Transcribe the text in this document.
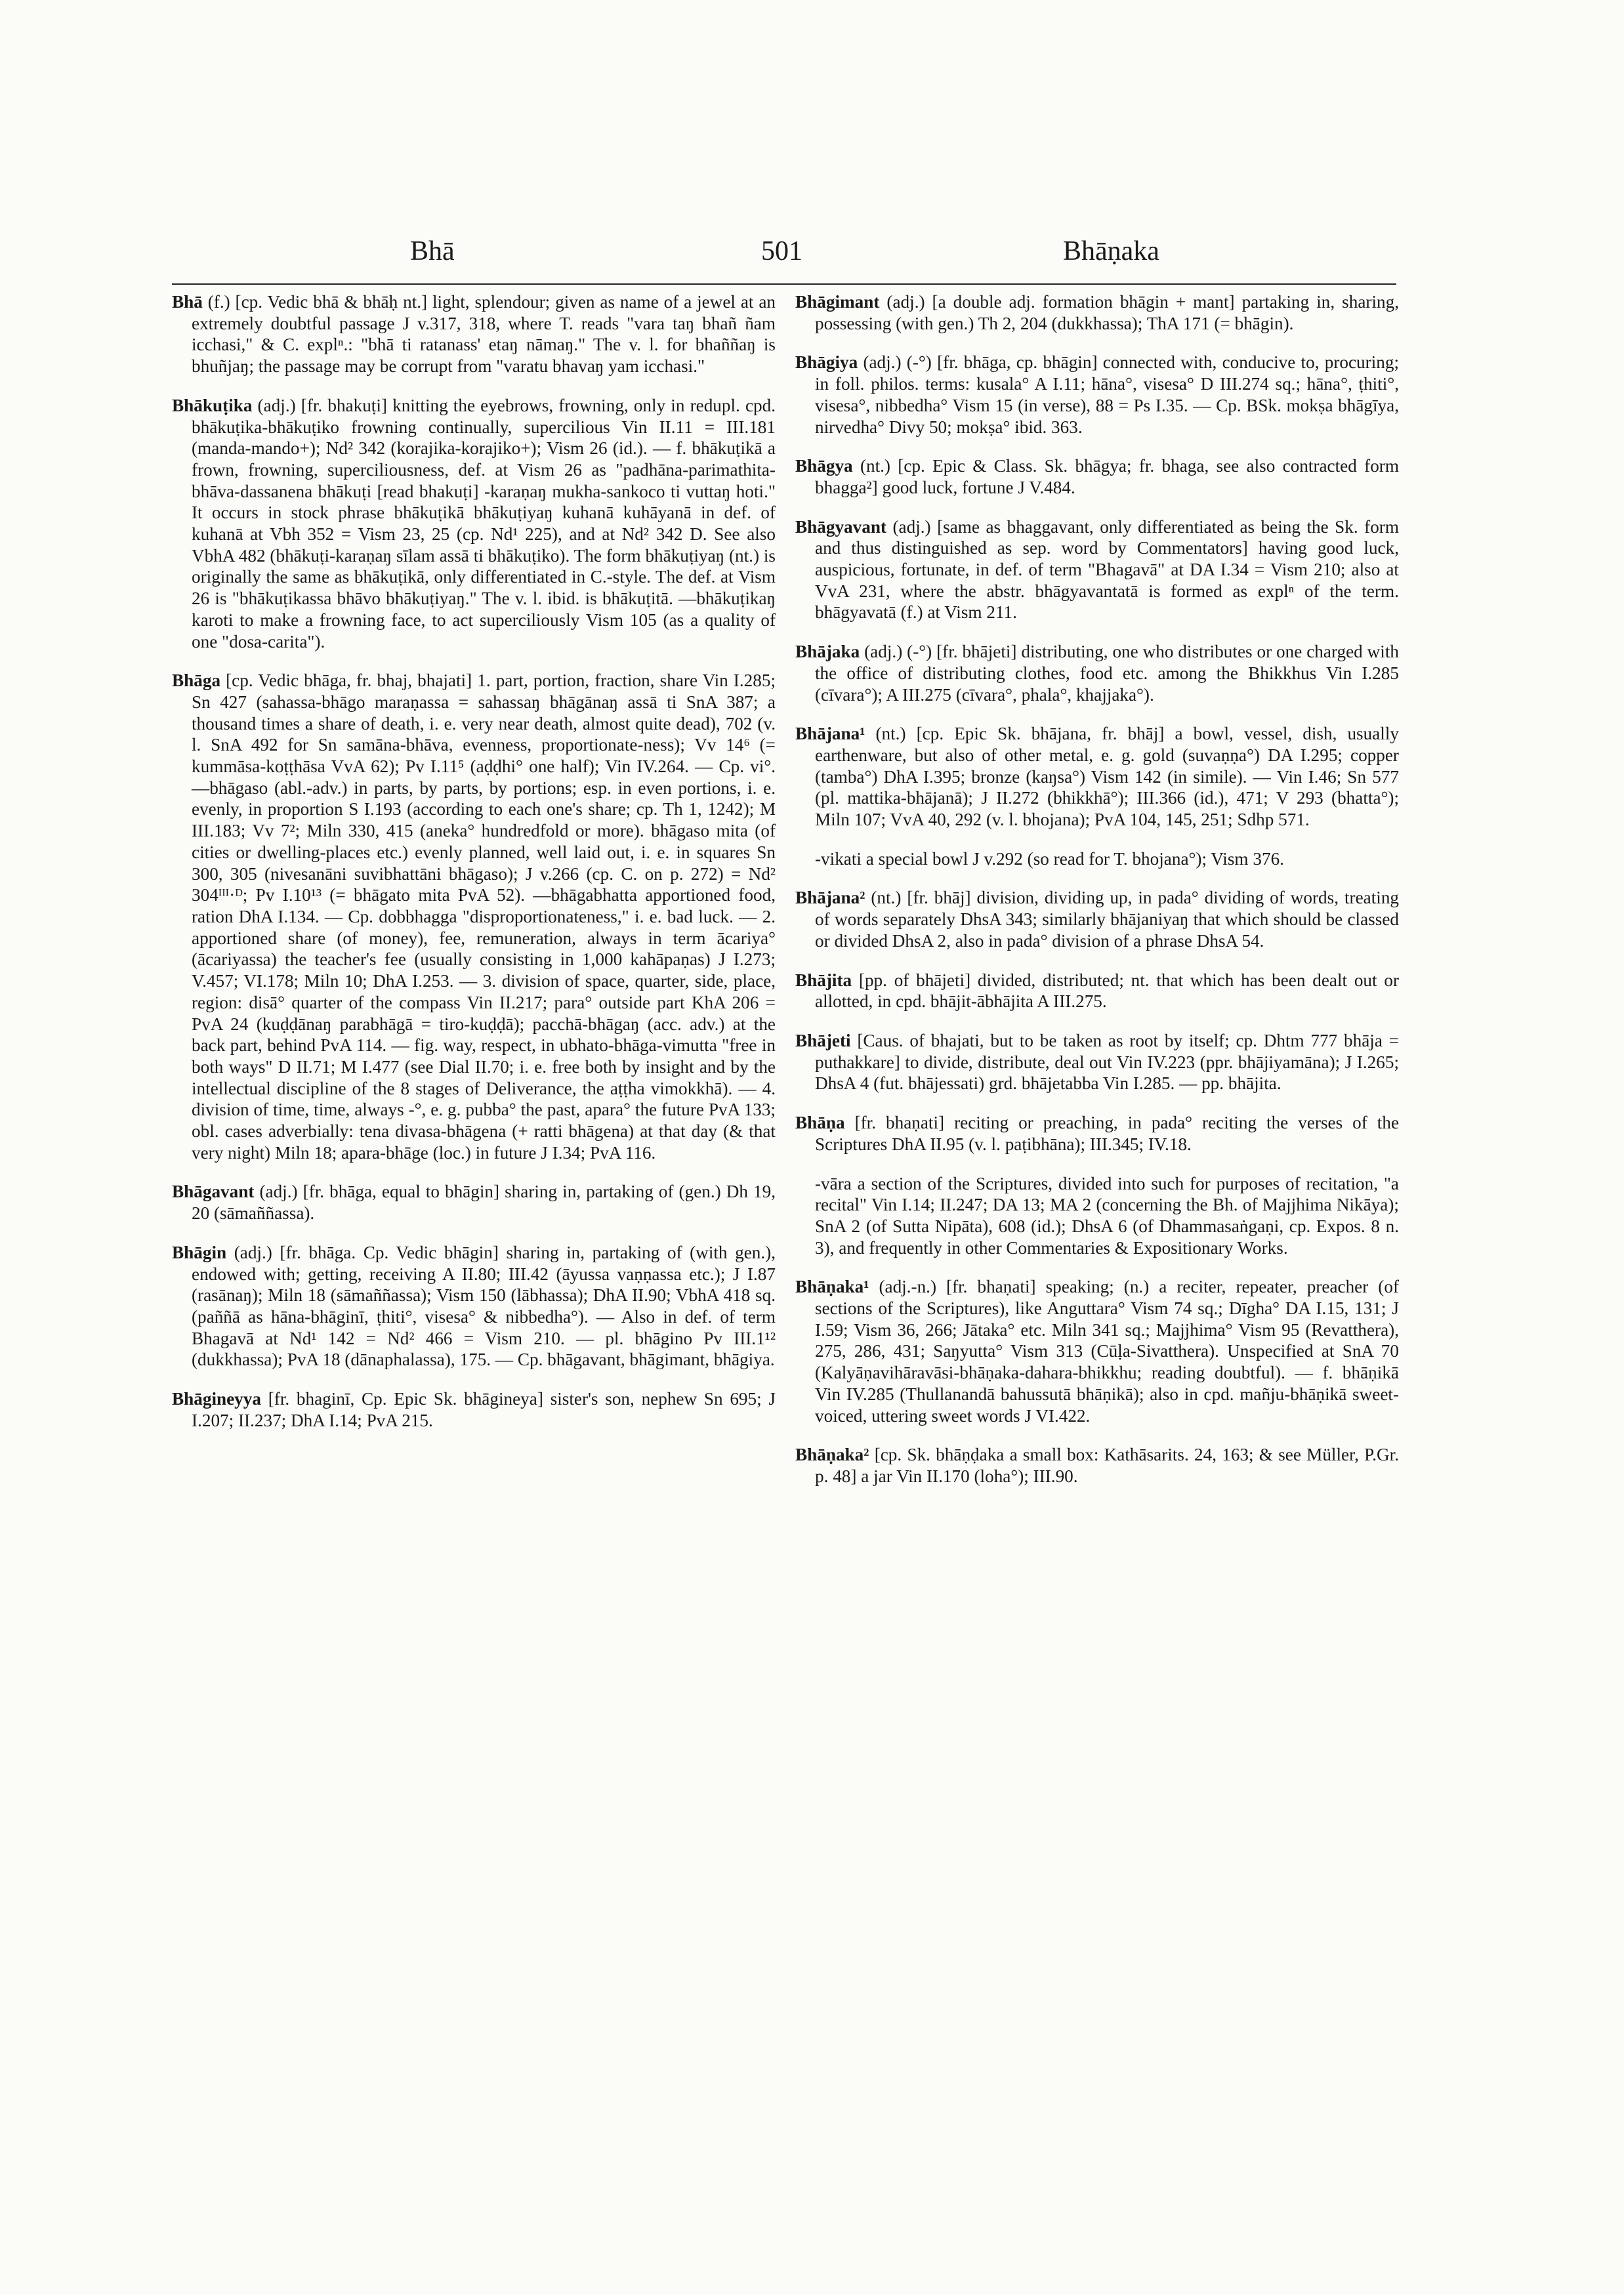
Bhā	501	Bhāṇaka

Bhā (f.) [cp. Vedic bhā & bhāḥ nt.] light, splendour; given as name of a jewel at an extremely doubtful passage J v.317, 318, where T. reads "vara taŋ bhañ ñam icchasi," & C. explⁿ.: "bhā ti ratanass' etaŋ nāmaŋ." The v. l. for bhaññaŋ is bhuñjaŋ; the passage may be corrupt from "varatu bhavaŋ yam icchasi."

Bhākuṭika (adj.) [fr. bhakuṭi] knitting the eyebrows, frowning, only in redupl. cpd. bhākuṭika-bhākuṭiko frowning continually, supercilious Vin II.11 = III.181 (manda-mando+); Nd² 342 (korajika-korajiko+); Vism 26 (id.). — f. bhākuṭikā a frown, frowning, superciliousness, def. at Vism 26 as "padhāna-parimathita-bhāva-dassanena bhākuṭi [read bhakuṭi] -karaṇaŋ mukha-sankoco ti vuttaŋ hoti." It occurs in stock phrase bhākuṭikā bhākuṭiyaŋ kuhanā kuhāyanā in def. of kuhanā at Vbh 352 = Vism 23, 25 (cp. Nd¹ 225), and at Nd² 342 D. See also VbhA 482 (bhākuṭi-karaṇaŋ sīlam assā ti bhākuṭiko). The form bhākuṭiyaŋ (nt.) is originally the same as bhākuṭikā, only differentiated in C.-style. The def. at Vism 26 is "bhākuṭikassa bhāvo bhākuṭiyaŋ." The v. l. ibid. is bhākuṭitā. —bhākuṭikaŋ karoti to make a frowning face, to act superciliously Vism 105 (as a quality of one "dosa-carita").

Bhāga [cp. Vedic bhāga, fr. bhaj, bhajati] 1. part, portion, fraction, share Vin I.285; Sn 427 (sahassa-bhāgo maraṇassa = sahassaŋ bhāgānaŋ assā ti SnA 387; a thousand times a share of death, i. e. very near death, almost quite dead), 702 (v. l. SnA 492 for Sn samāna-bhāva, evenness, proportionate-ness); Vv 14⁶ (= kummāsa-koṭṭhāsa VvA 62); Pv I.11⁵ (aḍḍhi° one half); Vin IV.264. — Cp. vi°. —bhāgaso (abl.-adv.) in parts, by parts, by portions; esp. in even portions, i. e. evenly, in proportion S I.193 (according to each one's share; cp. Th 1, 1242); M III.183; Vv 7²; Miln 330, 415 (aneka° hundredfold or more). bhāgaso mita (of cities or dwelling-places etc.) evenly planned, well laid out, i. e. in squares Sn 300, 305 (nivesanāni suvibhattāni bhāgaso); J v.266 (cp. C. on p. 272) = Nd² 304ᴵᴵᴵ·ᴰ; Pv I.10¹³ (= bhāgato mita PvA 52). —bhāgabhatta apportioned food, ration DhA I.134. — Cp. dobbhagga "disproportionateness," i. e. bad luck. — 2. apportioned share (of money), fee, remuneration, always in term ācariya° (ācariyassa) the teacher's fee (usually consisting in 1,000 kahāpaṇas) J I.273; V.457; VI.178; Miln 10; DhA I.253. — 3. division of space, quarter, side, place, region: disā° quarter of the compass Vin II.217; para° outside part KhA 206 = PvA 24 (kuḍḍānaŋ parabhāgā = tiro-kuḍḍā); pacchā-bhāgaŋ (acc. adv.) at the back part, behind PvA 114. — fig. way, respect, in ubhato-bhāga-vimutta "free in both ways" D II.71; M I.477 (see Dial II.70; i. e. free both by insight and by the intellectual discipline of the 8 stages of Deliverance, the aṭṭha vimokkhā). — 4. division of time, time, always -°, e. g. pubba° the past, apara° the future PvA 133; obl. cases adverbially: tena divasa-bhāgena (+ ratti bhāgena) at that day (& that very night) Miln 18; apara-bhāge (loc.) in future J I.34; PvA 116.

Bhāgavant (adj.) [fr. bhāga, equal to bhāgin] sharing in, partaking of (gen.) Dh 19, 20 (sāmaññassa).

Bhāgin (adj.) [fr. bhāga. Cp. Vedic bhāgin] sharing in, partaking of (with gen.), endowed with; getting, receiving A II.80; III.42 (āyussa vaṇṇassa etc.); J I.87 (rasānaŋ); Miln 18 (sāmaññassa); Vism 150 (lābhassa); DhA II.90; VbhA 418 sq. (paññā as hāna-bhāginī, ṭhiti°, visesa° & nibbedha°). — Also in def. of term Bhagavā at Nd¹ 142 = Nd² 466 = Vism 210. — pl. bhāgino Pv III.1¹² (dukkhassa); PvA 18 (dānaphalassa), 175. — Cp. bhāgavant, bhāgimant, bhāgiya.

Bhāgineyya [fr. bhaginī, Cp. Epic Sk. bhāgineya] sister's son, nephew Sn 695; J I.207; II.237; DhA I.14; PvA 215.

Bhāgimant (adj.) [a double adj. formation bhāgin + mant] partaking in, sharing, possessing (with gen.) Th 2, 204 (dukkhassa); ThA 171 (= bhāgin).

Bhāgiya (adj.) (-°) [fr. bhāga, cp. bhāgin] connected with, conducive to, procuring; in foll. philos. terms: kusala° A I.11; hāna°, visesa° D III.274 sq.; hāna°, ṭhiti°, visesa°, nibbedha° Vism 15 (in verse), 88 = Ps I.35. — Cp. BSk. mokṣa bhāgīya, nirvedha° Divy 50; mokṣa° ibid. 363.

Bhāgya (nt.) [cp. Epic & Class. Sk. bhāgya; fr. bhaga, see also contracted form bhagga²] good luck, fortune J V.484.

Bhāgyavant (adj.) [same as bhaggavant, only differentiated as being the Sk. form and thus distinguished as sep. word by Commentators] having good luck, auspicious, fortunate, in def. of term "Bhagavā" at DA I.34 = Vism 210; also at VvA 231, where the abstr. bhāgyavantatā is formed as explⁿ of the term. bhāgyavatā (f.) at Vism 211.

Bhājaka (adj.) (-°) [fr. bhājeti] distributing, one who distributes or one charged with the office of distributing clothes, food etc. among the Bhikkhus Vin I.285 (cīvara°); A III.275 (cīvara°, phala°, khajjaka°).

Bhājana¹ (nt.) [cp. Epic Sk. bhājana, fr. bhāj] a bowl, vessel, dish, usually earthenware, but also of other metal, e. g. gold (suvaṇṇa°) DA I.295; copper (tamba°) DhA I.395; bronze (kaŋsa°) Vism 142 (in simile). — Vin I.46; Sn 577 (pl. mattika-bhājanā); J II.272 (bhikkhā°); III.366 (id.), 471; V 293 (bhatta°); Miln 107; VvA 40, 292 (v. l. bhojana); PvA 104, 145, 251; Sdhp 571.

-vikati a special bowl J v.292 (so read for T. bhojana°); Vism 376.

Bhājana² (nt.) [fr. bhāj] division, dividing up, in pada° dividing of words, treating of words separately DhsA 343; similarly bhājaniyaŋ that which should be classed or divided DhsA 2, also in pada° division of a phrase DhsA 54.

Bhājita [pp. of bhājeti] divided, distributed; nt. that which has been dealt out or allotted, in cpd. bhājit-ābhājita A III.275.

Bhājeti [Caus. of bhajati, but to be taken as root by itself; cp. Dhtm 777 bhāja = puthakkare] to divide, distribute, deal out Vin IV.223 (ppr. bhājiyamāna); J I.265; DhsA 4 (fut. bhājessati) grd. bhājetabba Vin I.285. — pp. bhājita.

Bhāṇa [fr. bhaṇati] reciting or preaching, in pada° reciting the verses of the Scriptures DhA II.95 (v. l. paṭibhāna); III.345; IV.18.

-vāra a section of the Scriptures, divided into such for purposes of recitation, "a recital" Vin I.14; II.247; DA 13; MA 2 (concerning the Bh. of Majjhima Nikāya); SnA 2 (of Sutta Nipāta), 608 (id.); DhsA 6 (of Dhammasaṅgaṇi, cp. Expos. 8 n. 3), and frequently in other Commentaries & Expositionary Works.

Bhāṇaka¹ (adj.-n.) [fr. bhaṇati] speaking; (n.) a reciter, repeater, preacher (of sections of the Scriptures), like Anguttara° Vism 74 sq.; Dīgha° DA I.15, 131; J I.59; Vism 36, 266; Jātaka° etc. Miln 341 sq.; Majjhima° Vism 95 (Revatthera), 275, 286, 431; Saŋyutta° Vism 313 (Cūḷa-Sivatthera). Unspecified at SnA 70 (Kalyāṇavihāravāsi-bhāṇaka-dahara-bhikkhu; reading doubtful). — f. bhāṇikā Vin IV.285 (Thullanandā bahussutā bhāṇikā); also in cpd. mañju-bhāṇikā sweet-voiced, uttering sweet words J VI.422.

Bhāṇaka² [cp. Sk. bhāṇḍaka a small box: Kathāsarits. 24, 163; & see Müller, P.Gr. p. 48] a jar Vin II.170 (loha°); III.90.
